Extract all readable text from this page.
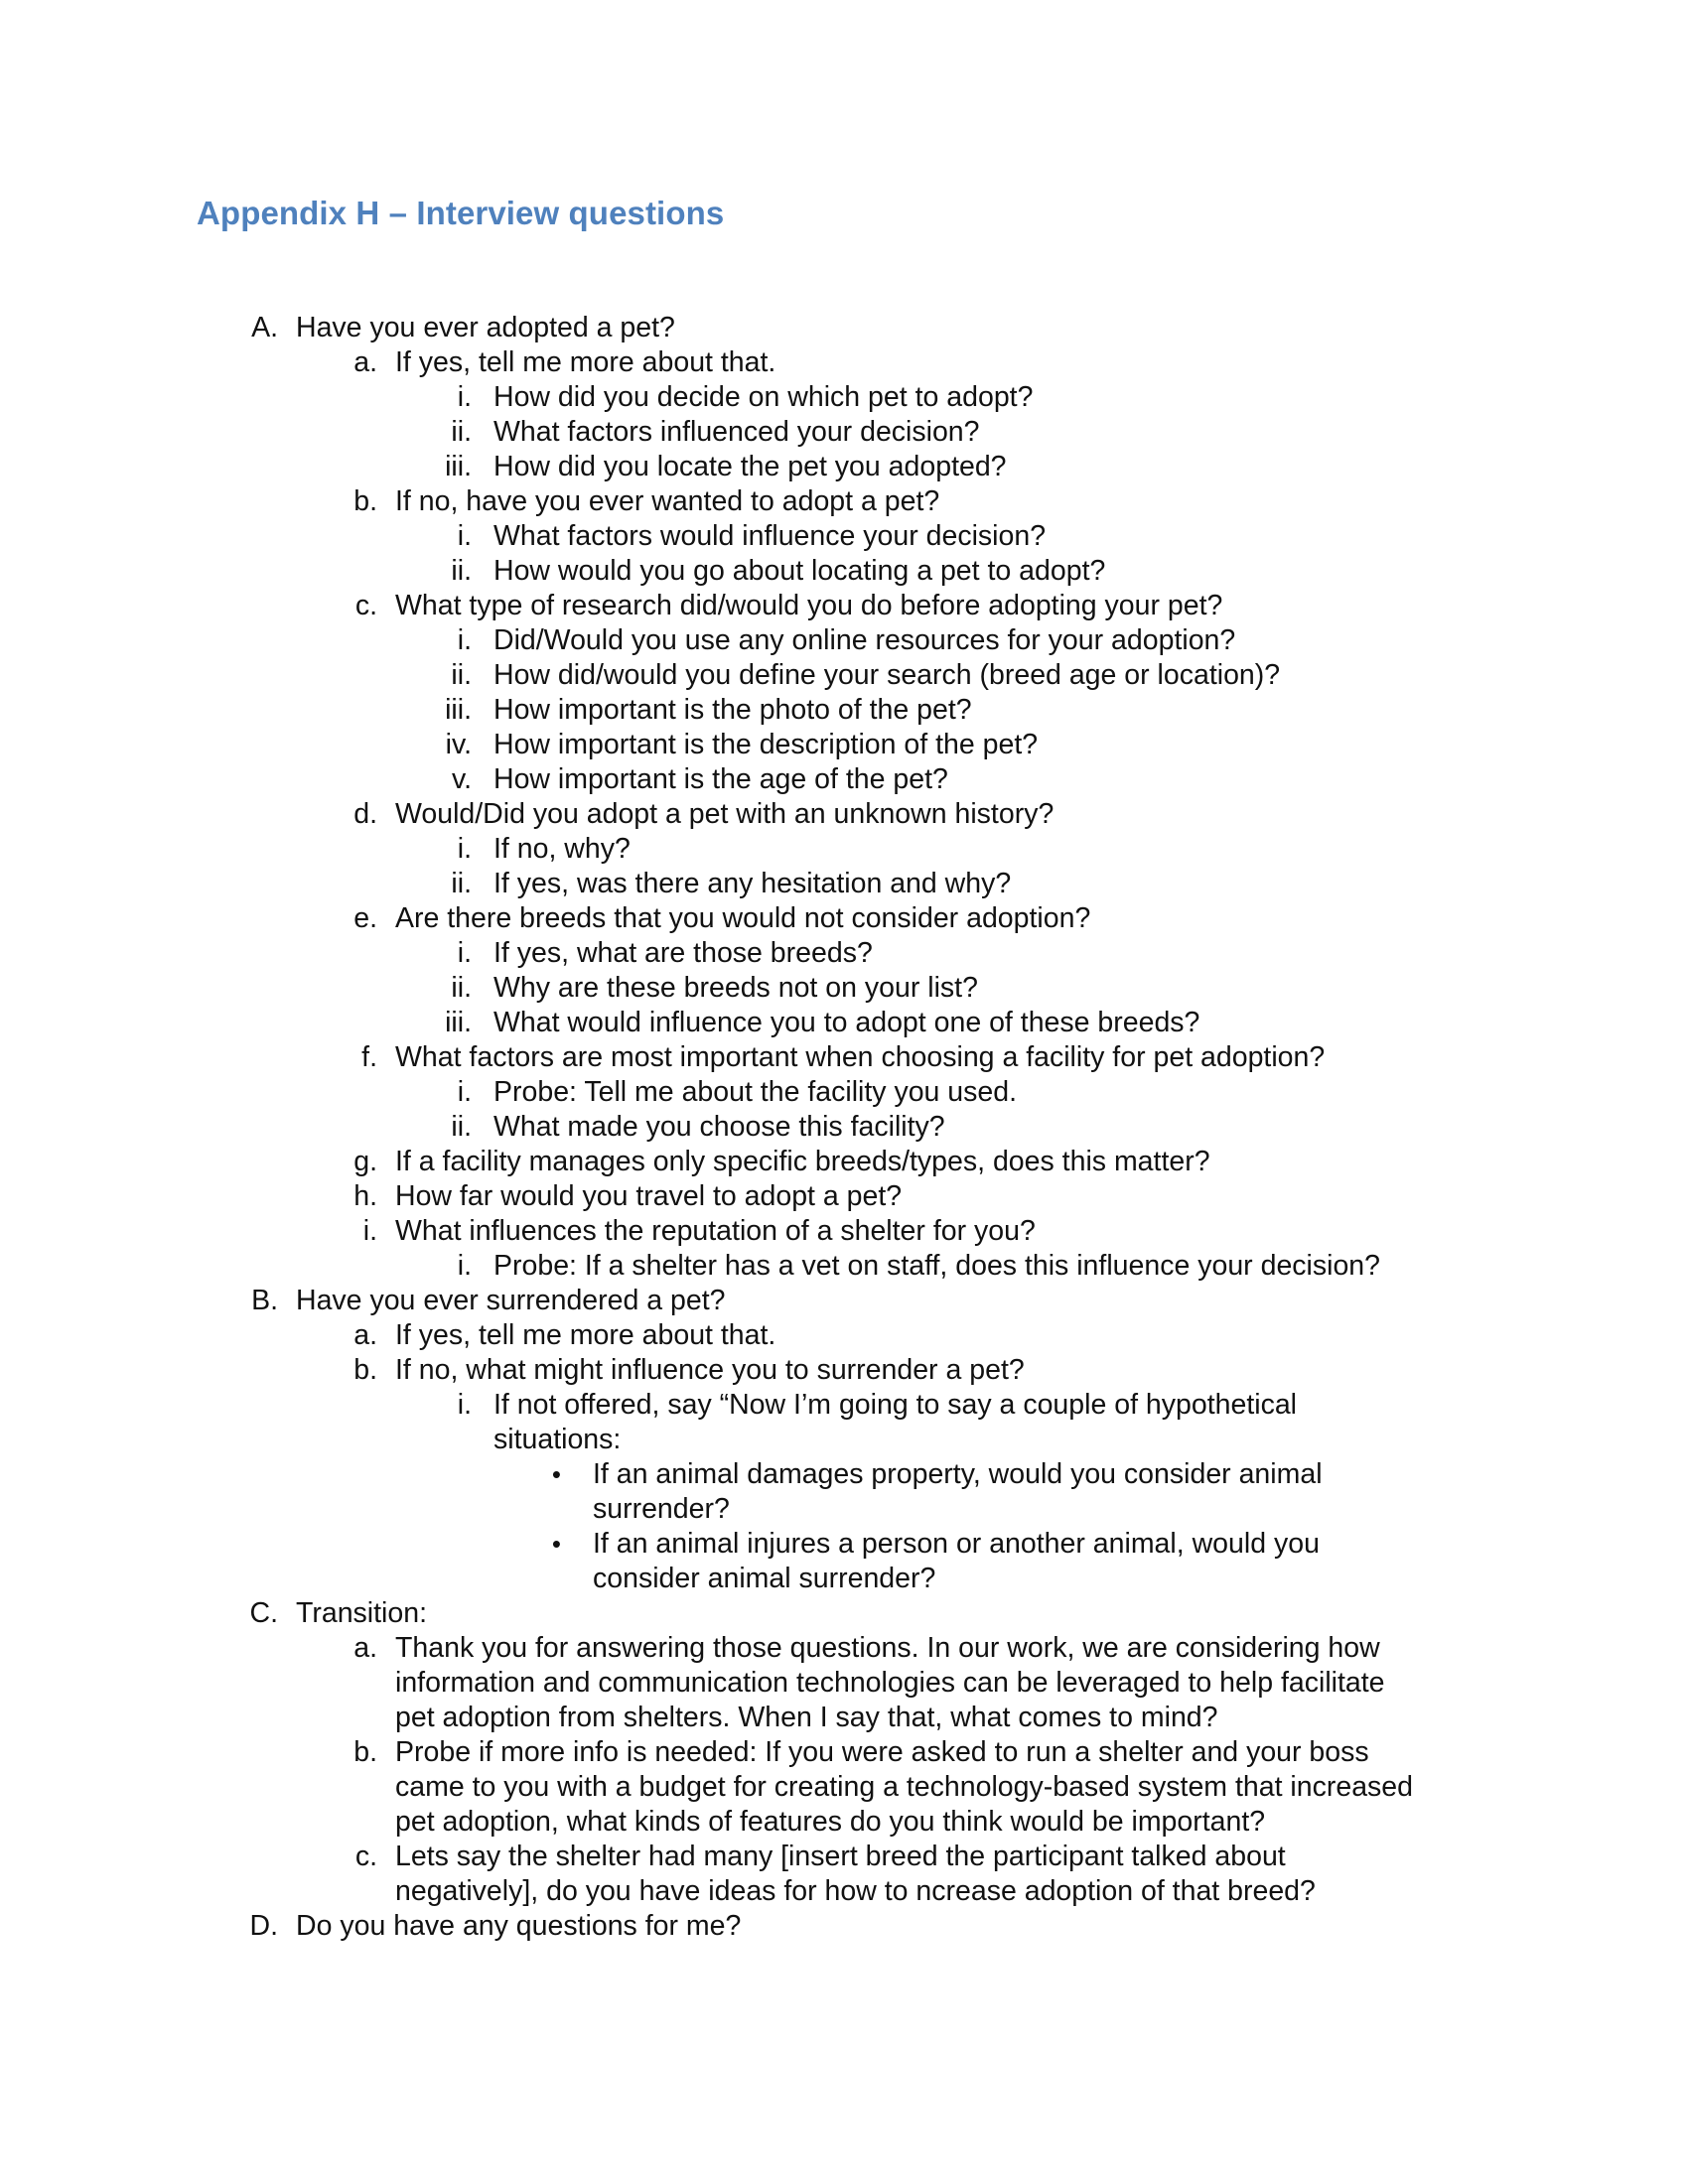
Appendix H – Interview questions
A. Have you ever adopted a pet?
a. If yes, tell me more about that.
i. How did you decide on which pet to adopt?
ii. What factors influenced your decision?
iii. How did you locate the pet you adopted?
b. If no, have you ever wanted to adopt a pet?
i. What factors would influence your decision?
ii. How would you go about locating a pet to adopt?
c. What type of research did/would you do before adopting your pet?
i. Did/Would you use any online resources for your adoption?
ii. How did/would you define your search (breed age or location)?
iii. How important is the photo of the pet?
iv. How important is the description of the pet?
v. How important is the age of the pet?
d. Would/Did you adopt a pet with an unknown history?
i. If no, why?
ii. If yes, was there any hesitation and why?
e. Are there breeds that you would not consider adoption?
i. If yes, what are those breeds?
ii. Why are these breeds not on your list?
iii. What would influence you to adopt one of these breeds?
f. What factors are most important when choosing a facility for pet adoption?
i. Probe: Tell me about the facility you used.
ii. What made you choose this facility?
g. If a facility manages only specific breeds/types, does this matter?
h. How far would you travel to adopt a pet?
i. What influences the reputation of a shelter for you?
i. Probe: If a shelter has a vet on staff, does this influence your decision?
B. Have you ever surrendered a pet?
a. If yes, tell me more about that.
b. If no, what might influence you to surrender a pet?
i. If not offered, say “Now I’m going to say a couple of hypothetical
situations:
• If an animal damages property, would you consider animal
surrender?
• If an animal injures a person or another animal, would you
consider animal surrender?
C. Transition:
a. Thank you for answering those questions. In our work, we are considering how
information and communication technologies can be leveraged to help facilitate
pet adoption from shelters. When I say that, what comes to mind?
b. Probe if more info is needed: If you were asked to run a shelter and your boss
came to you with a budget for creating a technology-based system that increased
pet adoption, what kinds of features do you think would be important?
c. Lets say the shelter had many [insert breed the participant talked about
negatively], do you have ideas for how to ncrease adoption of that breed?
D. Do you have any questions for me?
